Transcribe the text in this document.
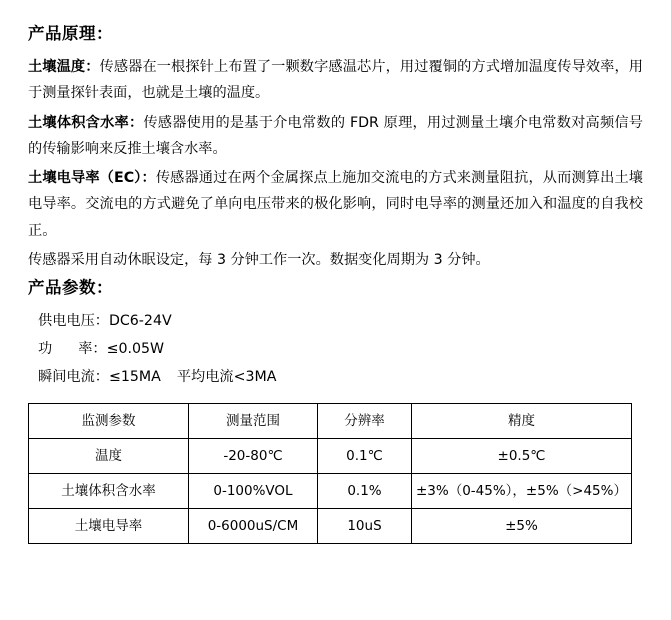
产品原理：

土壤温度：传感器在一根探针上布置了一颗数字感温芯片，用过覆铜的方式增加温度传导效率，用于测量探针表面，也就是土壤的温度。

土壤体积含水率：传感器使用的是基于介电常数的 FDR 原理，用过测量土壤介电常数对高频信号的传输影响来反推土壤含水率。

土壤电导率（EC）：传感器通过在两个金属探点上施加交流电的方式来测量阻抗，从而测算出土壤电导率。交流电的方式避免了单向电压带来的极化影响，同时电导率的测量还加入和温度的自我校正。

传感器采用自动休眠设定，每 3 分钟工作一次。数据变化周期为 3 分钟。

产品参数：

供电电压：DC6-24V

功 率：≤0.05W

瞬间电流：≤15MA 平均电流<3MA

监测参数	测量范围	分辨率	精度
温度	-20-80℃	0.1℃	±0.5℃
土壤体积含水率	0-100%VOL	0.1%	±3%（0-45%），±5%（>45%）
土壤电导率	0-6000uS/CM	10uS	±5%
